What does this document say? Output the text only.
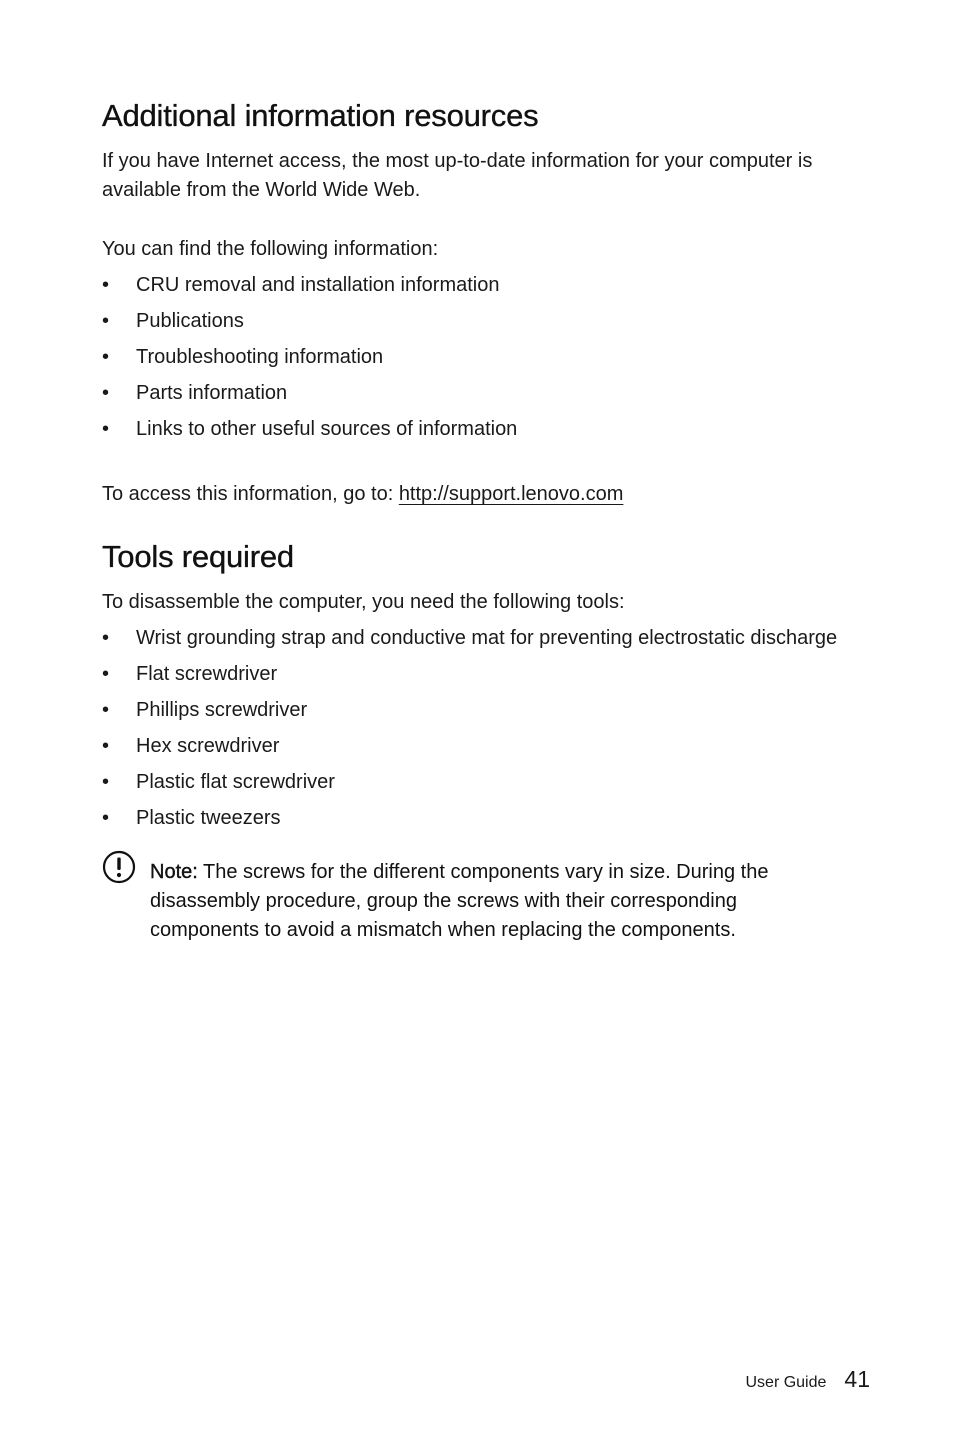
Additional information resources

If you have Internet access, the most up-to-date information for your computer is available from the World Wide Web.

You can find the following information:

• CRU removal and installation information
• Publications
• Troubleshooting information
• Parts information
• Links to other useful sources of information

To access this information, go to: http://support.lenovo.com

Tools required

To disassemble the computer, you need the following tools:

• Wrist grounding strap and conductive mat for preventing electrostatic discharge
• Flat screwdriver
• Phillips screwdriver
• Hex screwdriver
• Plastic flat screwdriver
• Plastic tweezers
Note: The screws for the different components vary in size. During the disassembly procedure, group the screws with their corresponding components to avoid a mismatch when replacing the components.
User Guide 41
